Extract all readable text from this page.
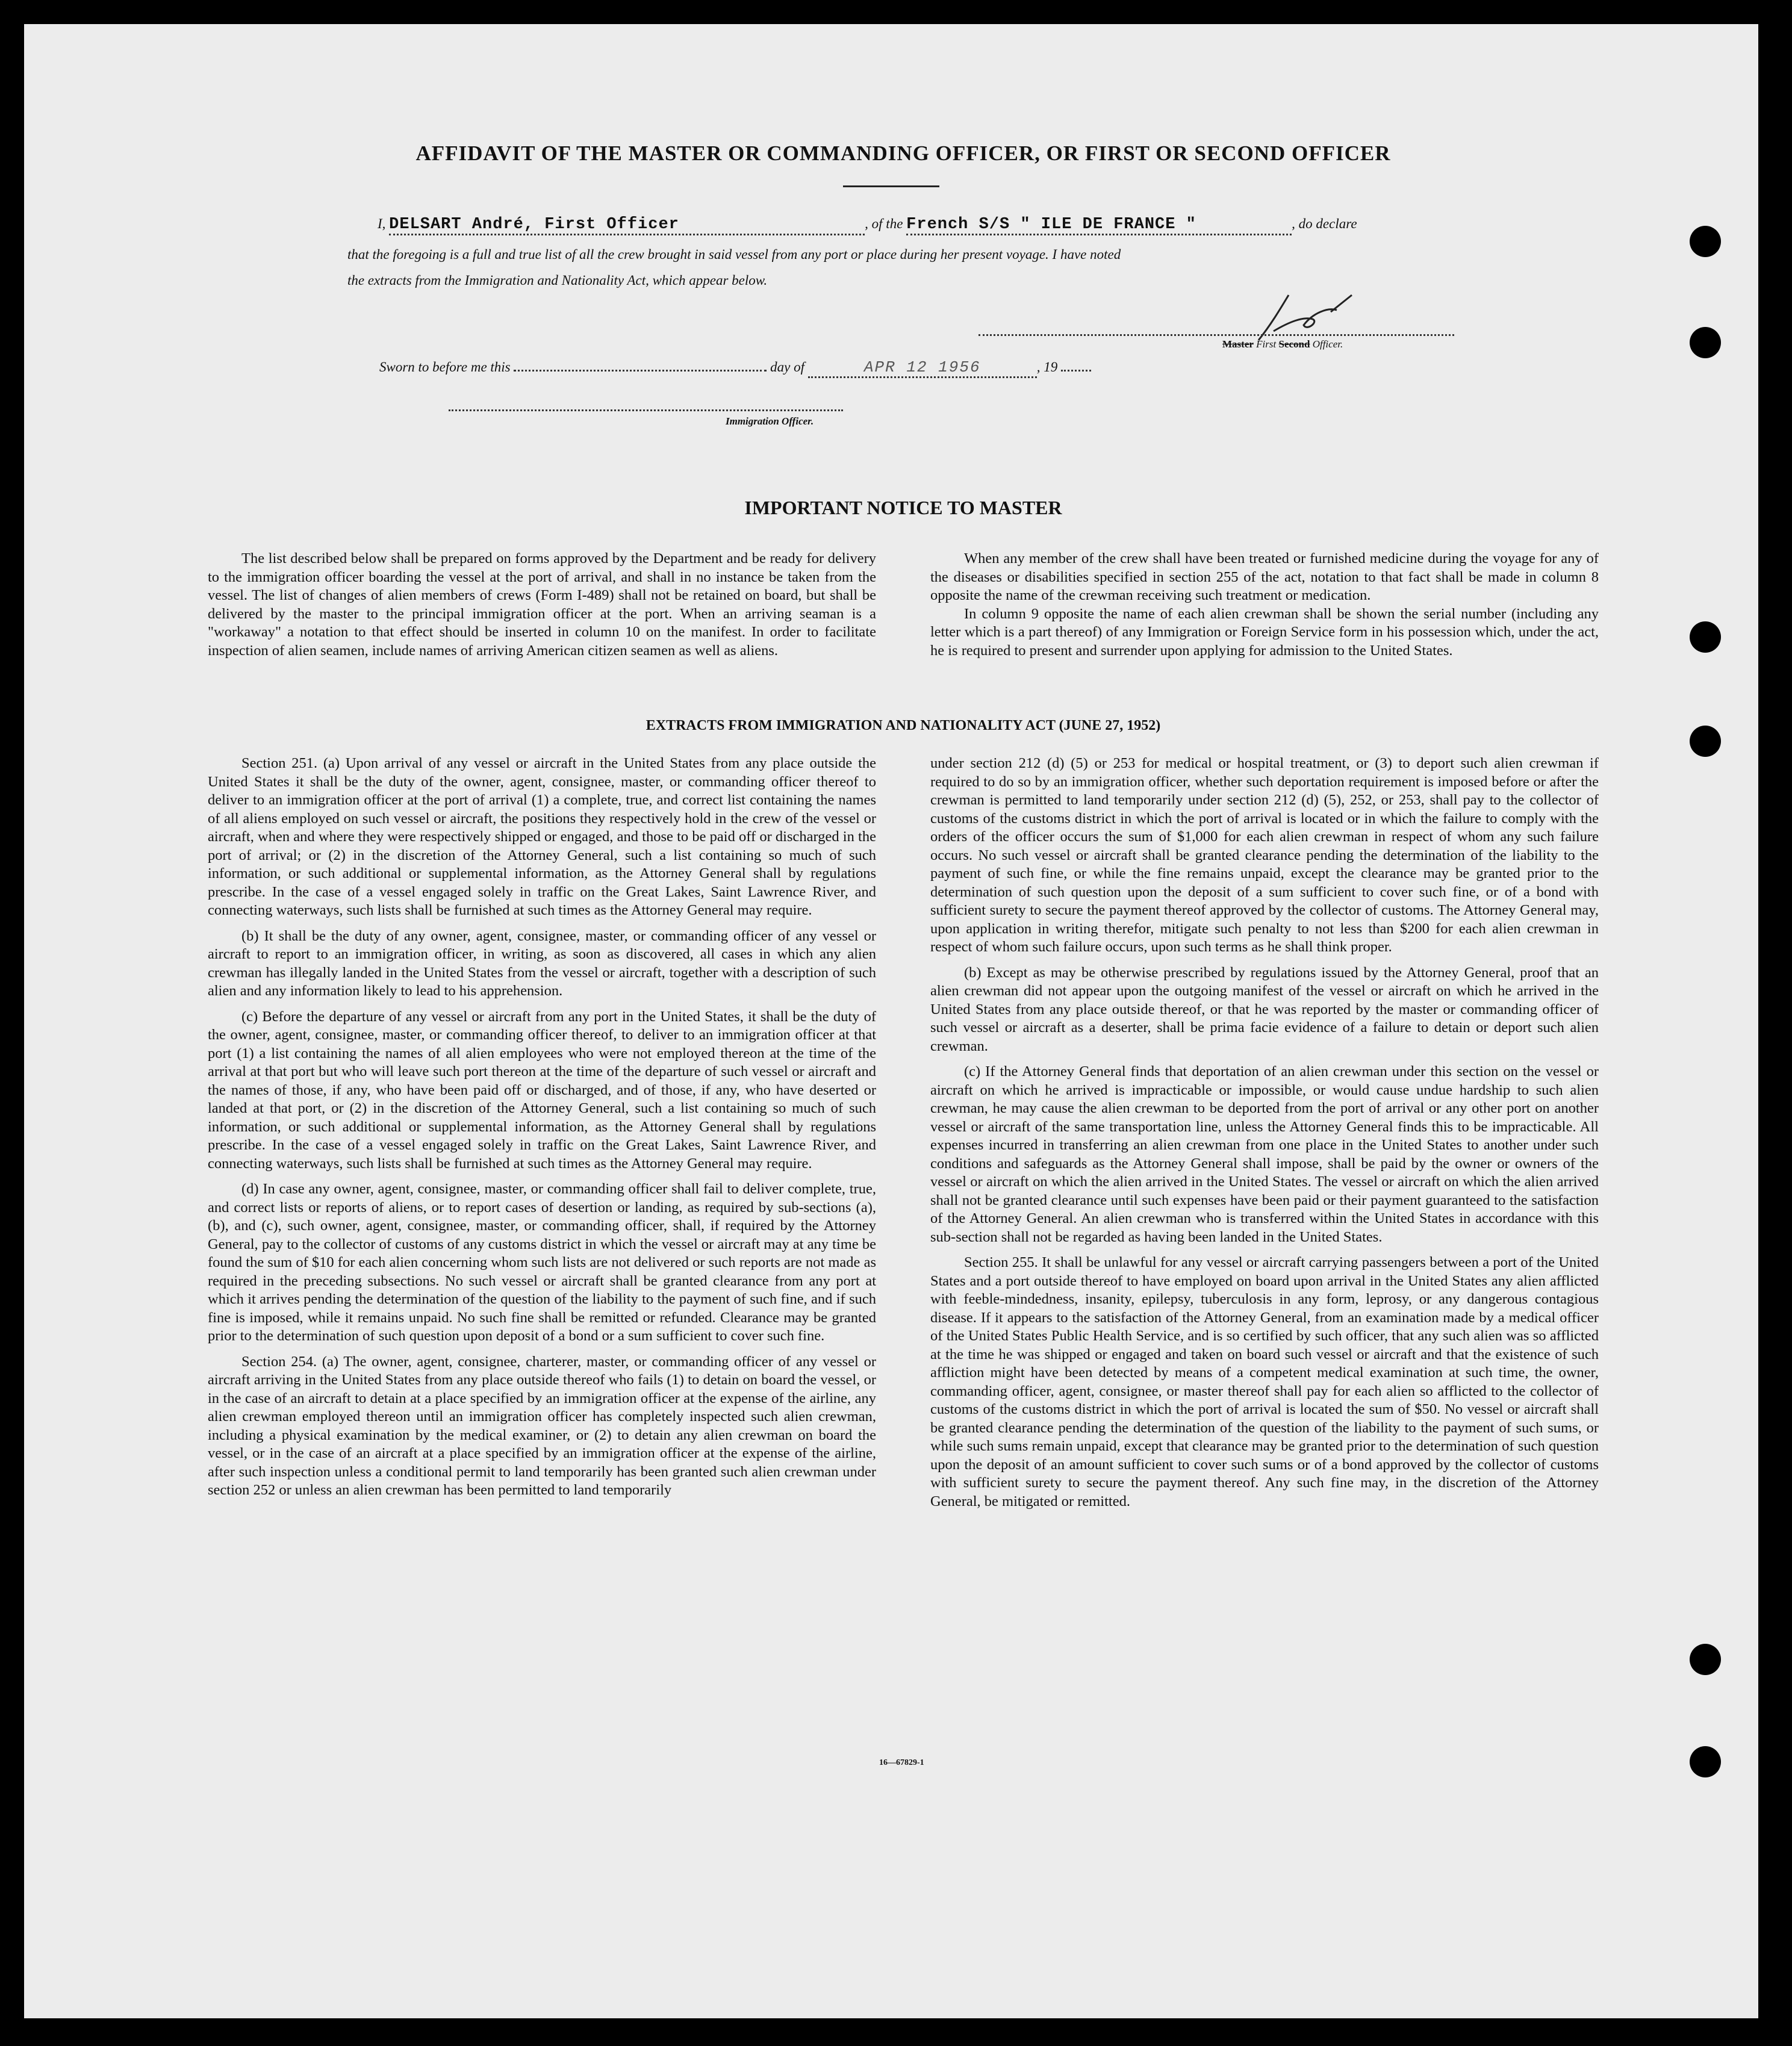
AFFIDAVIT OF THE MASTER OR COMMANDING OFFICER, OR FIRST OR SECOND OFFICER
I, DELSART André, First Officer	, of the French S/S " ILE DE FRANCE "	, do declare
that the foregoing is a full and true list of all the crew brought in said vessel from any port or place during her present voyage. I have noted
the extracts from the Immigration and Nationality Act, which appear below.
Master First Second Officer.
Sworn to before me this	day of	APR 12 1956	, 19
Immigration Officer.
IMPORTANT NOTICE TO MASTER

The list described below shall be prepared on forms approved by the Department and be ready for delivery to the immigration officer boarding the vessel at the port of arrival, and shall in no instance be taken from the vessel. The list of changes of alien members of crews (Form I-489) shall not be retained on board, but shall be delivered by the master to the principal immigration officer at the port. When an arriving seaman is a "workaway" a notation to that effect should be inserted in column 10 on the manifest. In order to facilitate inspection of alien seamen, include names of arriving American citizen seamen as well as aliens.

When any member of the crew shall have been treated or furnished medicine during the voyage for any of the diseases or disabilities specified in section 255 of the act, notation to that fact shall be made in column 8 opposite the name of the crewman receiving such treatment or medication.

In column 9 opposite the name of each alien crewman shall be shown the serial number (including any letter which is a part thereof) of any Immigration or Foreign Service form in his possession which, under the act, he is required to present and surrender upon applying for admission to the United States.

EXTRACTS FROM IMMIGRATION AND NATIONALITY ACT (JUNE 27, 1952)

Section 251. (a) Upon arrival of any vessel or aircraft in the United States from any place outside the United States it shall be the duty of the owner, agent, consignee, master, or commanding officer thereof to deliver to an immigration officer at the port of arrival (1) a complete, true, and correct list containing the names of all aliens employed on such vessel or aircraft, the positions they respectively hold in the crew of the vessel or aircraft, when and where they were respectively shipped or engaged, and those to be paid off or discharged in the port of arrival; or (2) in the discretion of the Attorney General, such a list containing so much of such information, or such additional or supplemental information, as the Attorney General shall by regulations prescribe. In the case of a vessel engaged solely in traffic on the Great Lakes, Saint Lawrence River, and connecting waterways, such lists shall be furnished at such times as the Attorney General may require.

(b) It shall be the duty of any owner, agent, consignee, master, or commanding officer of any vessel or aircraft to report to an immigration officer, in writing, as soon as discovered, all cases in which any alien crewman has illegally landed in the United States from the vessel or aircraft, together with a description of such alien and any information likely to lead to his apprehension.

(c) Before the departure of any vessel or aircraft from any port in the United States, it shall be the duty of the owner, agent, consignee, master, or commanding officer thereof, to deliver to an immigration officer at that port (1) a list containing the names of all alien employees who were not employed thereon at the time of the arrival at that port but who will leave such port thereon at the time of the departure of such vessel or aircraft and the names of those, if any, who have been paid off or discharged, and of those, if any, who have deserted or landed at that port, or (2) in the discretion of the Attorney General, such a list containing so much of such information, or such additional or supplemental information, as the Attorney General shall by regulations prescribe. In the case of a vessel engaged solely in traffic on the Great Lakes, Saint Lawrence River, and connecting waterways, such lists shall be furnished at such times as the Attorney General may require.

(d) In case any owner, agent, consignee, master, or commanding officer shall fail to deliver complete, true, and correct lists or reports of aliens, or to report cases of desertion or landing, as required by sub-sections (a), (b), and (c), such owner, agent, consignee, master, or commanding officer, shall, if required by the Attorney General, pay to the collector of customs of any customs district in which the vessel or aircraft may at any time be found the sum of $10 for each alien concerning whom such lists are not delivered or such reports are not made as required in the preceding subsections. No such vessel or aircraft shall be granted clearance from any port at which it arrives pending the determination of the question of the liability to the payment of such fine, and if such fine is imposed, while it remains unpaid. No such fine shall be remitted or refunded. Clearance may be granted prior to the determination of such question upon deposit of a bond or a sum sufficient to cover such fine.

Section 254. (a) The owner, agent, consignee, charterer, master, or commanding officer of any vessel or aircraft arriving in the United States from any place outside thereof who fails (1) to detain on board the vessel, or in the case of an aircraft to detain at a place specified by an immigration officer at the expense of the airline, any alien crewman employed thereon until an immigration officer has completely inspected such alien crewman, including a physical examination by the medical examiner, or (2) to detain any alien crewman on board the vessel, or in the case of an aircraft at a place specified by an immigration officer at the expense of the airline, after such inspection unless a conditional permit to land temporarily has been granted such alien crewman under section 252 or unless an alien crewman has been permitted to land temporarily

under section 212 (d) (5) or 253 for medical or hospital treatment, or (3) to deport such alien crewman if required to do so by an immigration officer, whether such deportation requirement is imposed before or after the crewman is permitted to land temporarily under section 212 (d) (5), 252, or 253, shall pay to the collector of customs of the customs district in which the port of arrival is located or in which the failure to comply with the orders of the officer occurs the sum of $1,000 for each alien crewman in respect of whom any such failure occurs. No such vessel or aircraft shall be granted clearance pending the determination of the liability to the payment of such fine, or while the fine remains unpaid, except the clearance may be granted prior to the determination of such question upon the deposit of a sum sufficient to cover such fine, or of a bond with sufficient surety to secure the payment thereof approved by the collector of customs. The Attorney General may, upon application in writing therefor, mitigate such penalty to not less than $200 for each alien crewman in respect of whom such failure occurs, upon such terms as he shall think proper.

(b) Except as may be otherwise prescribed by regulations issued by the Attorney General, proof that an alien crewman did not appear upon the outgoing manifest of the vessel or aircraft on which he arrived in the United States from any place outside thereof, or that he was reported by the master or commanding officer of such vessel or aircraft as a deserter, shall be prima facie evidence of a failure to detain or deport such alien crewman.

(c) If the Attorney General finds that deportation of an alien crewman under this section on the vessel or aircraft on which he arrived is impracticable or impossible, or would cause undue hardship to such alien crewman, he may cause the alien crewman to be deported from the port of arrival or any other port on another vessel or aircraft of the same transportation line, unless the Attorney General finds this to be impracticable. All expenses incurred in transferring an alien crewman from one place in the United States to another under such conditions and safeguards as the Attorney General shall impose, shall be paid by the owner or owners of the vessel or aircraft on which the alien arrived in the United States. The vessel or aircraft on which the alien arrived shall not be granted clearance until such expenses have been paid or their payment guaranteed to the satisfaction of the Attorney General. An alien crewman who is transferred within the United States in accordance with this sub-section shall not be regarded as having been landed in the United States.

Section 255. It shall be unlawful for any vessel or aircraft carrying passengers between a port of the United States and a port outside thereof to have employed on board upon arrival in the United States any alien afflicted with feeble-mindedness, insanity, epilepsy, tuberculosis in any form, leprosy, or any dangerous contagious disease. If it appears to the satisfaction of the Attorney General, from an examination made by a medical officer of the United States Public Health Service, and is so certified by such officer, that any such alien was so afflicted at the time he was shipped or engaged and taken on board such vessel or aircraft and that the existence of such affliction might have been detected by means of a competent medical examination at such time, the owner, commanding officer, agent, consignee, or master thereof shall pay for each alien so afflicted to the collector of customs of the customs district in which the port of arrival is located the sum of $50. No vessel or aircraft shall be granted clearance pending the determination of the question of the liability to the payment of such sums, or while such sums remain unpaid, except that clearance may be granted prior to the determination of such question upon the deposit of an amount sufficient to cover such sums or of a bond approved by the collector of customs with sufficient surety to secure the payment thereof. Any such fine may, in the discretion of the Attorney General, be mitigated or remitted.

16—67829-1
